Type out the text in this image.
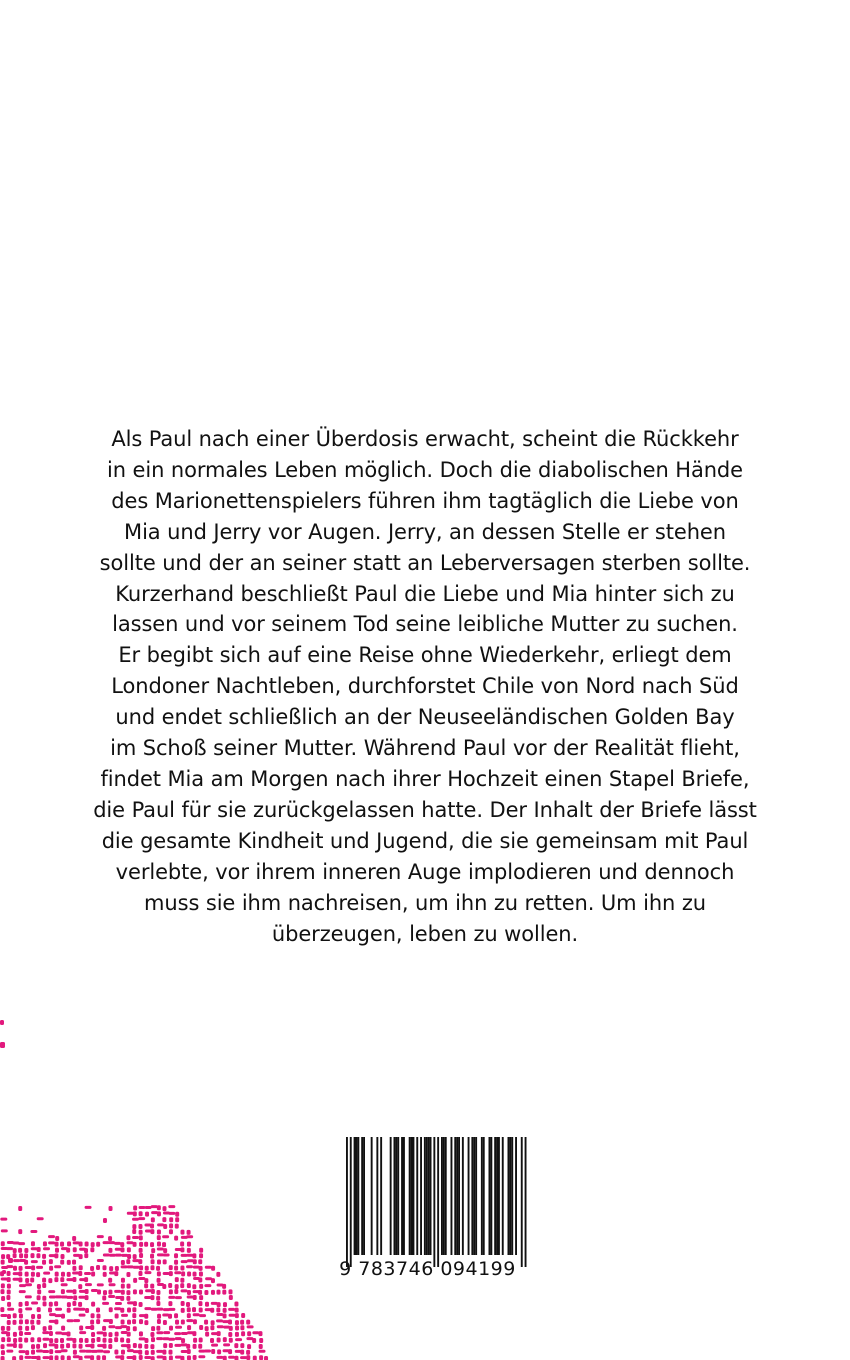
Als Paul nach einer Überdosis erwacht, scheint die Rückkehr
in ein normales Leben möglich. Doch die diabolischen Hände
des Marionettenspielers führen ihm tagtäglich die Liebe von
Mia und Jerry vor Augen. Jerry, an dessen Stelle er stehen
sollte und der an seiner statt an Leberversagen sterben sollte.
Kurzerhand beschließt Paul die Liebe und Mia hinter sich zu
lassen und vor seinem Tod seine leibliche Mutter zu suchen.
Er begibt sich auf eine Reise ohne Wiederkehr, erliegt dem
Londoner Nachtleben, durchforstet Chile von Nord nach Süd
und endet schließlich an der Neuseeländischen Golden Bay
im Schoß seiner Mutter. Während Paul vor der Realität flieht,
findet Mia am Morgen nach ihrer Hochzeit einen Stapel Briefe,
die Paul für sie zurückgelassen hatte. Der Inhalt der Briefe lässt
die gesamte Kindheit und Jugend, die sie gemeinsam mit Paul
verlebte, vor ihrem inneren Auge implodieren und dennoch
muss sie ihm nachreisen, um ihn zu retten. Um ihn zu
überzeugen, leben zu wollen.
9 783746 094199
